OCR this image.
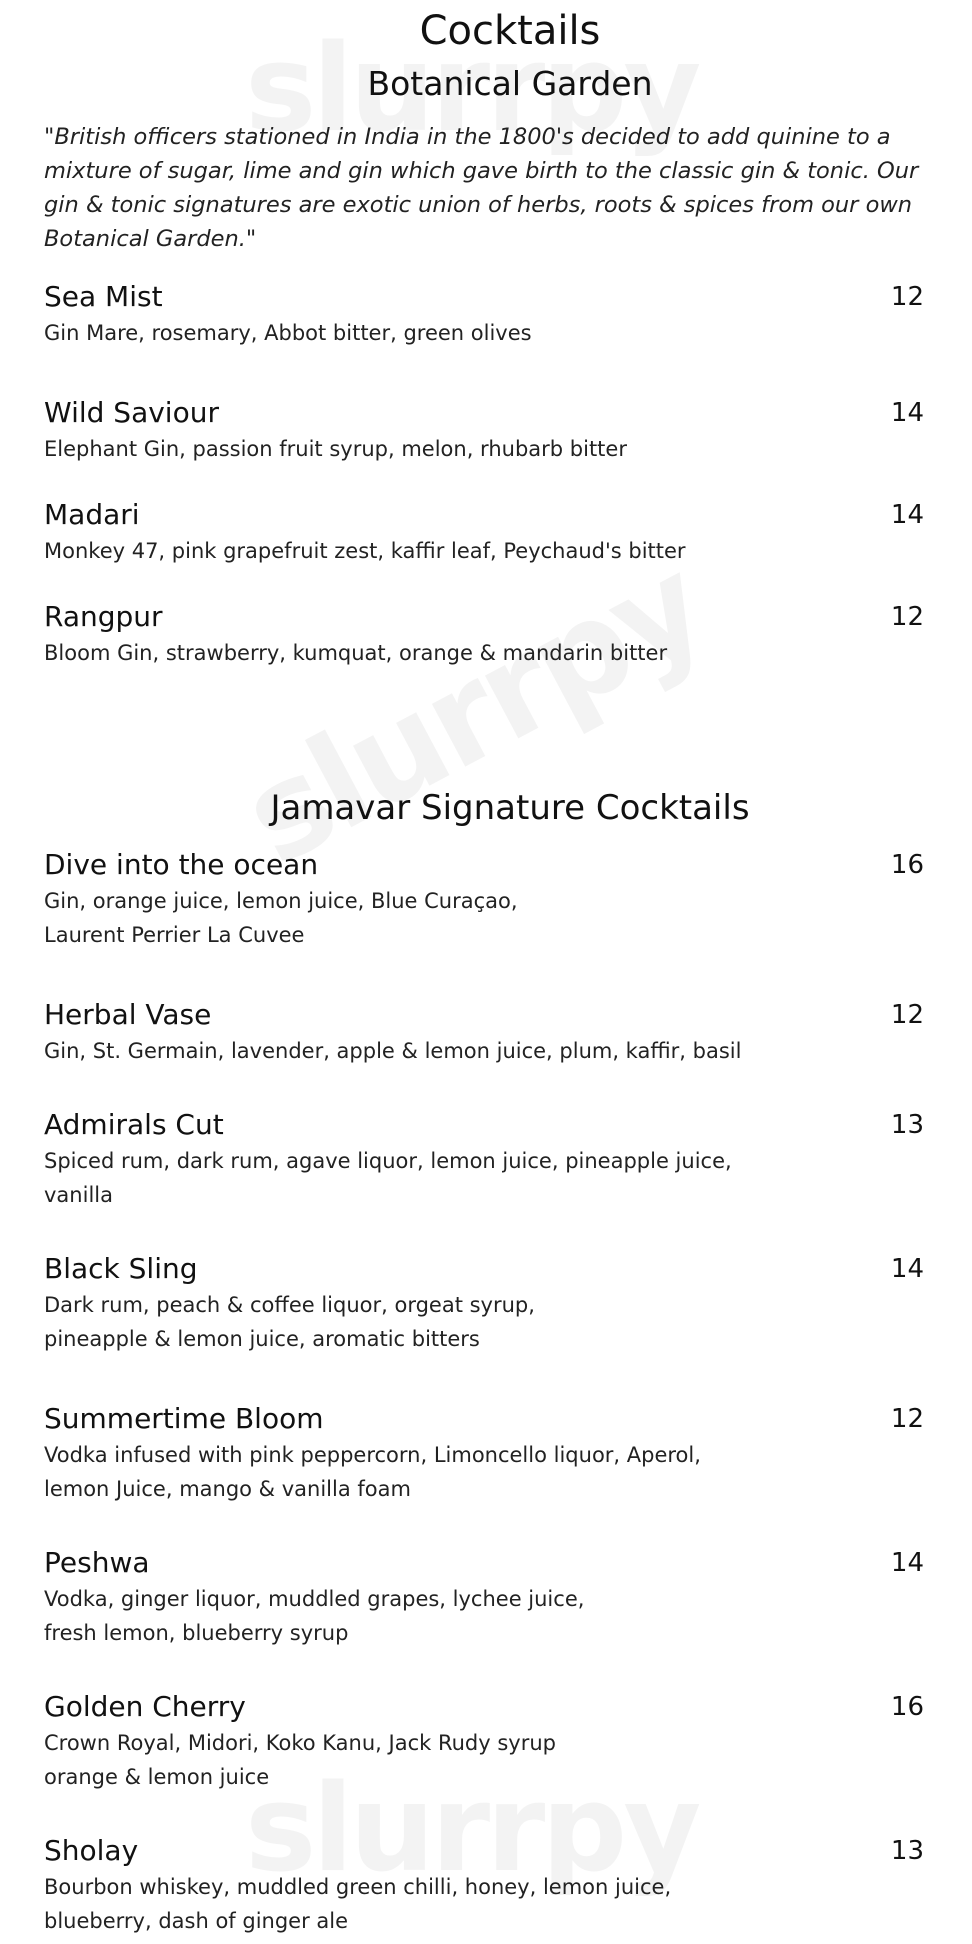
Cocktails
Botanical Garden
"British officers stationed in India in the 1800's decided to add quinine to a mixture of sugar, lime and gin which gave birth to the classic gin & tonic. Our gin & tonic signatures are exotic union of herbs, roots & spices from our own Botanical Garden."
Sea Mist	12
Gin Mare, rosemary, Abbot bitter, green olives
Wild Saviour	14
Elephant Gin, passion fruit syrup, melon, rhubarb bitter
Madari	14
Monkey 47, pink grapefruit zest, kaffir leaf, Peychaud's bitter
Rangpur	12
Bloom Gin, strawberry, kumquat, orange & mandarin bitter
Jamavar Signature Cocktails
Dive into the ocean	16
Gin, orange juice, lemon juice, Blue Curaçao,
Laurent Perrier La Cuvee
Herbal Vase	12
Gin, St. Germain, lavender, apple & lemon juice, plum, kaffir, basil
Admirals Cut	13
Spiced rum, dark rum, agave liquor, lemon juice, pineapple juice,
vanilla
Black Sling	14
Dark rum, peach & coffee liquor, orgeat syrup,
pineapple & lemon juice, aromatic bitters
Summertime Bloom	12
Vodka infused with pink peppercorn, Limoncello liquor, Aperol,
lemon Juice, mango & vanilla foam
Peshwa	14
Vodka, ginger liquor, muddled grapes, lychee juice,
fresh lemon, blueberry syrup
Golden Cherry	16
Crown Royal, Midori, Koko Kanu, Jack Rudy syrup
orange & lemon juice
Sholay	13
Bourbon whiskey, muddled green chilli, honey, lemon juice,
blueberry, dash of ginger ale
